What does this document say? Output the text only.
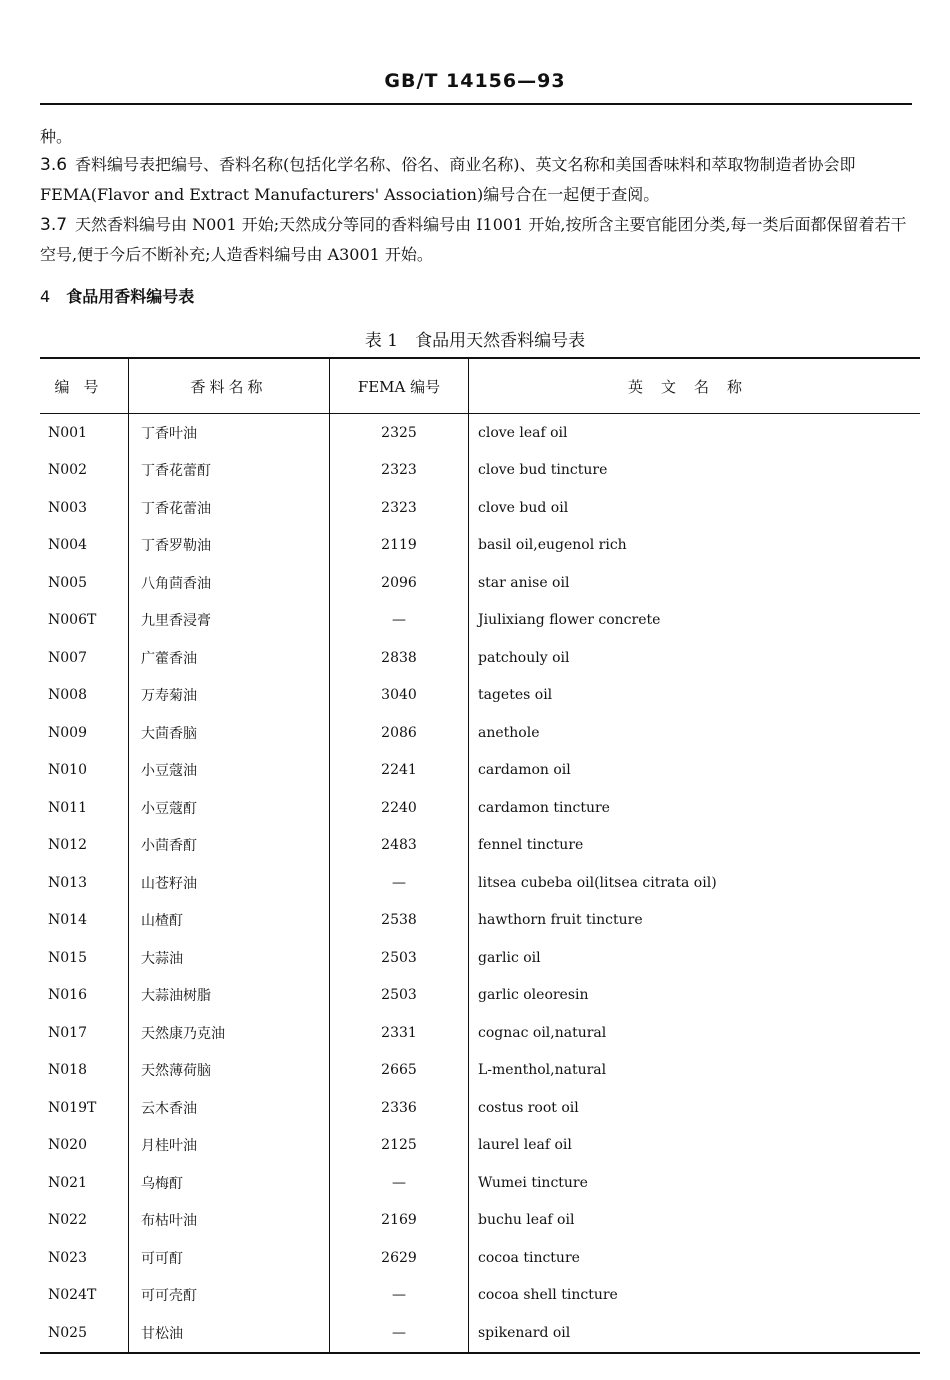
GB/T 14156—93
种。
3.6 香料编号表把编号、香料名称(包括化学名称、俗名、商业名称)、英文名称和美国香味料和萃取物制造者协会即 FEMA(Flavor and Extract Manufacturers' Association)编号合在一起便于查阅。
3.7 天然香料编号由 N001 开始;天然成分等同的香料编号由 I1001 开始,按所含主要官能团分类,每一类后面都保留着若干空号,便于今后不断补充;人造香料编号由 A3001 开始。
4 食品用香料编号表
表 1　食品用天然香料编号表
编号	香料名称	FEMA 编号	英文名称
N001	丁香叶油	2325	clove leaf oil
N002	丁香花蕾酊	2323	clove bud tincture
N003	丁香花蕾油	2323	clove bud oil
N004	丁香罗勒油	2119	basil oil,eugenol rich
N005	八角茴香油	2096	star anise oil
N006T	九里香浸膏	—	Jiulixiang flower concrete
N007	广藿香油	2838	patchouly oil
N008	万寿菊油	3040	tagetes oil
N009	大茴香脑	2086	anethole
N010	小豆蔻油	2241	cardamon oil
N011	小豆蔻酊	2240	cardamon tincture
N012	小茴香酊	2483	fennel tincture
N013	山苍籽油	—	litsea cubeba oil(litsea citrata oil)
N014	山楂酊	2538	hawthorn fruit tincture
N015	大蒜油	2503	garlic oil
N016	大蒜油树脂	2503	garlic oleoresin
N017	天然康乃克油	2331	cognac oil,natural
N018	天然薄荷脑	2665	L-menthol,natural
N019T	云木香油	2336	costus root oil
N020	月桂叶油	2125	laurel leaf oil
N021	乌梅酊	—	Wumei tincture
N022	布枯叶油	2169	buchu leaf oil
N023	可可酊	2629	cocoa tincture
N024T	可可壳酊	—	cocoa shell tincture
N025	甘松油	—	spikenard oil
